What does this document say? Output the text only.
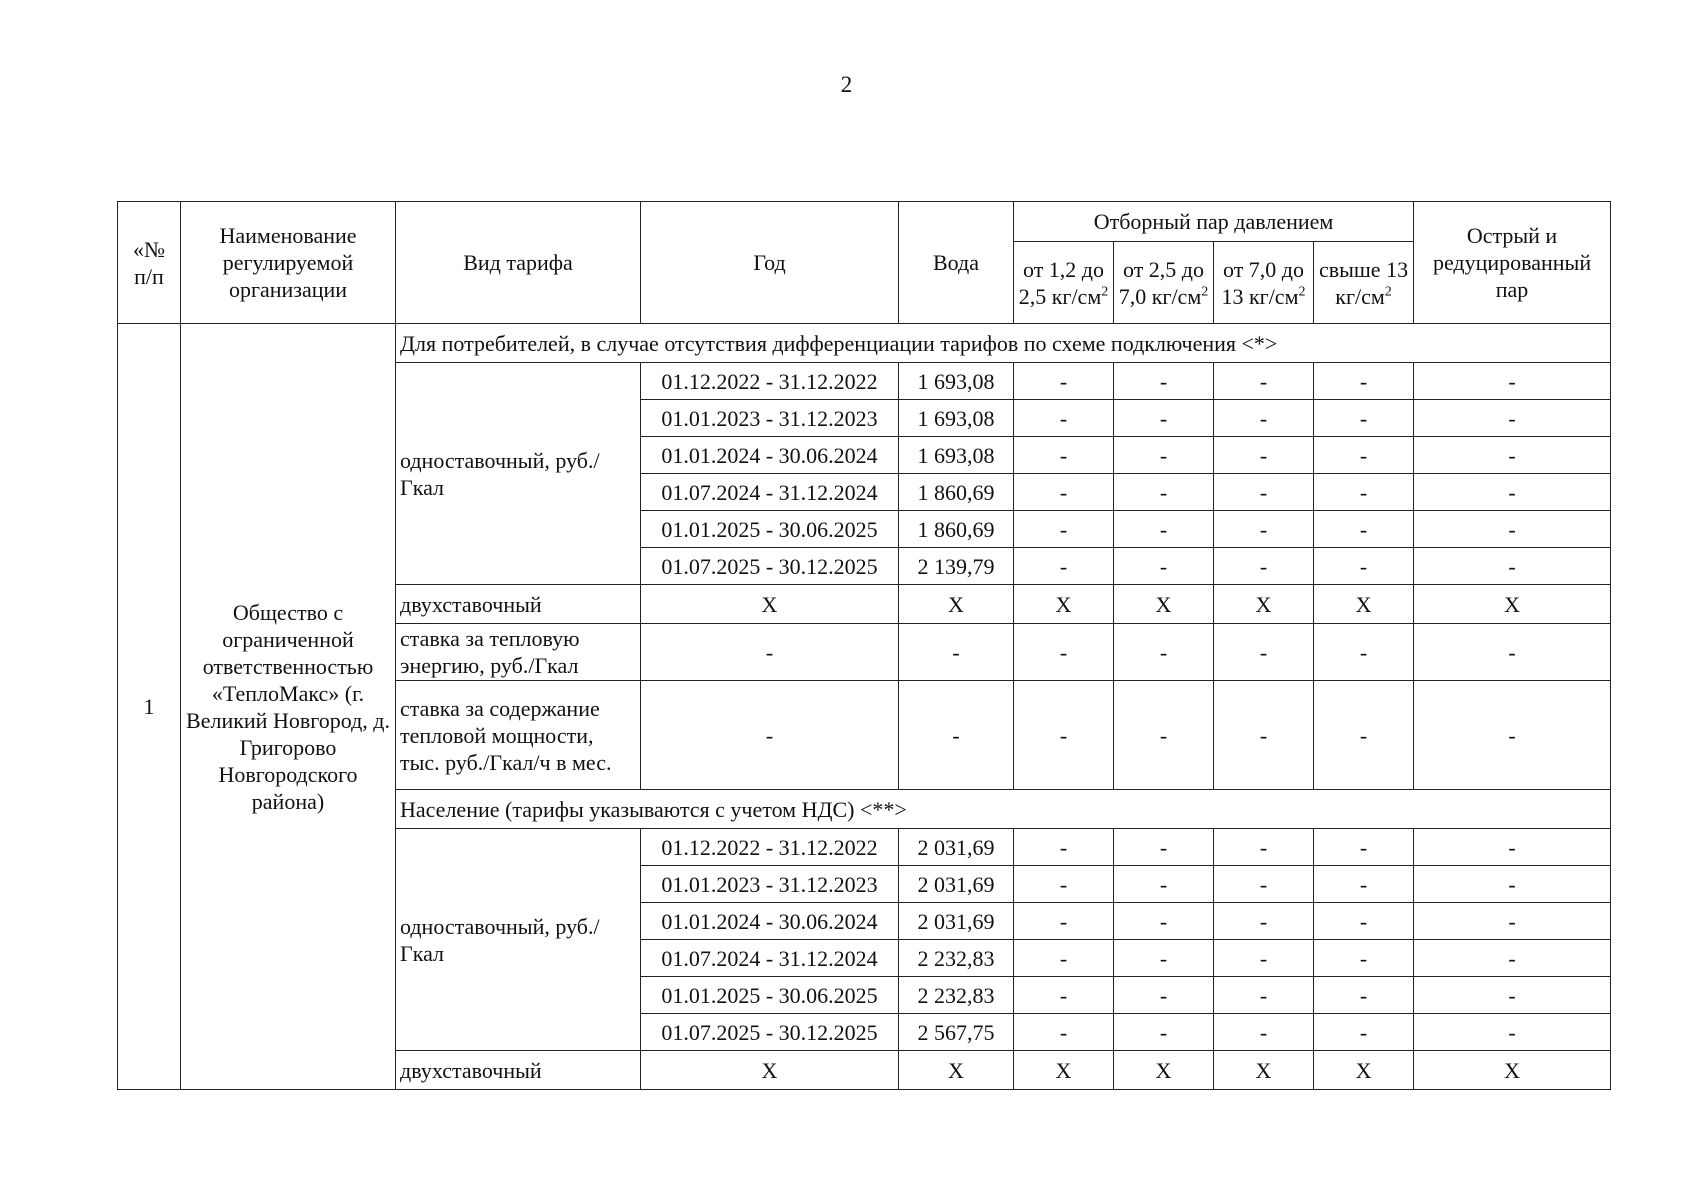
2
«№ п/п	Наименование регулируемой организации	Вид тарифа	Год	Вода	Отборный пар давлением				Острый и редуцированный пар
					от 1,2 до 2,5 $кг/см^2$	от 2,5 до 7,0 $кг/см^2$	от 7,0 до 13 $кг/см^2$	свыше 13 $кг/см^2$
1	Общество с ограниченной ответственностью «ТеплоМакс» (г. Великий Новгород, д. Григорово Новгородского района)	Для потребителей, в случае отсутствия дифференциации тарифов по схеме подключения <*>							
		одноставочный, руб./Гкал	01.12.2022 - 31.12.2022	1 693,08	-	-	-	-	-
			01.01.2023 - 31.12.2023	1 693,08	-	-	-	-	-
			01.01.2024 - 30.06.2024	1 693,08	-	-	-	-	-
			01.07.2024 - 31.12.2024	1 860,69	-	-	-	-	-
			01.01.2025 - 30.06.2025	1 860,69	-	-	-	-	-
			01.07.2025 - 30.12.2025	2 139,79	-	-	-	-	-
		двухставочный	X	X	X	X	X	X	X
		ставка за тепловую энергию, руб./Гкал	-	-	-	-	-	-	-
		ставка за содержание тепловой мощности, тыс. руб./Гкал/ч в мес.	-	-	-	-	-	-	-
		Население (тарифы указываются с учетом НДС) <**>							
		одноставочный, руб./Гкал	01.12.2022 - 31.12.2022	2 031,69	-	-	-	-	-
			01.01.2023 - 31.12.2023	2 031,69	-	-	-	-	-
			01.01.2024 - 30.06.2024	2 031,69	-	-	-	-	-
			01.07.2024 - 31.12.2024	2 232,83	-	-	-	-	-
			01.01.2025 - 30.06.2025	2 232,83	-	-	-	-	-
			01.07.2025 - 30.12.2025	2 567,75	-	-	-	-	-
		двухставочный	X	X	X	X	X	X	X
